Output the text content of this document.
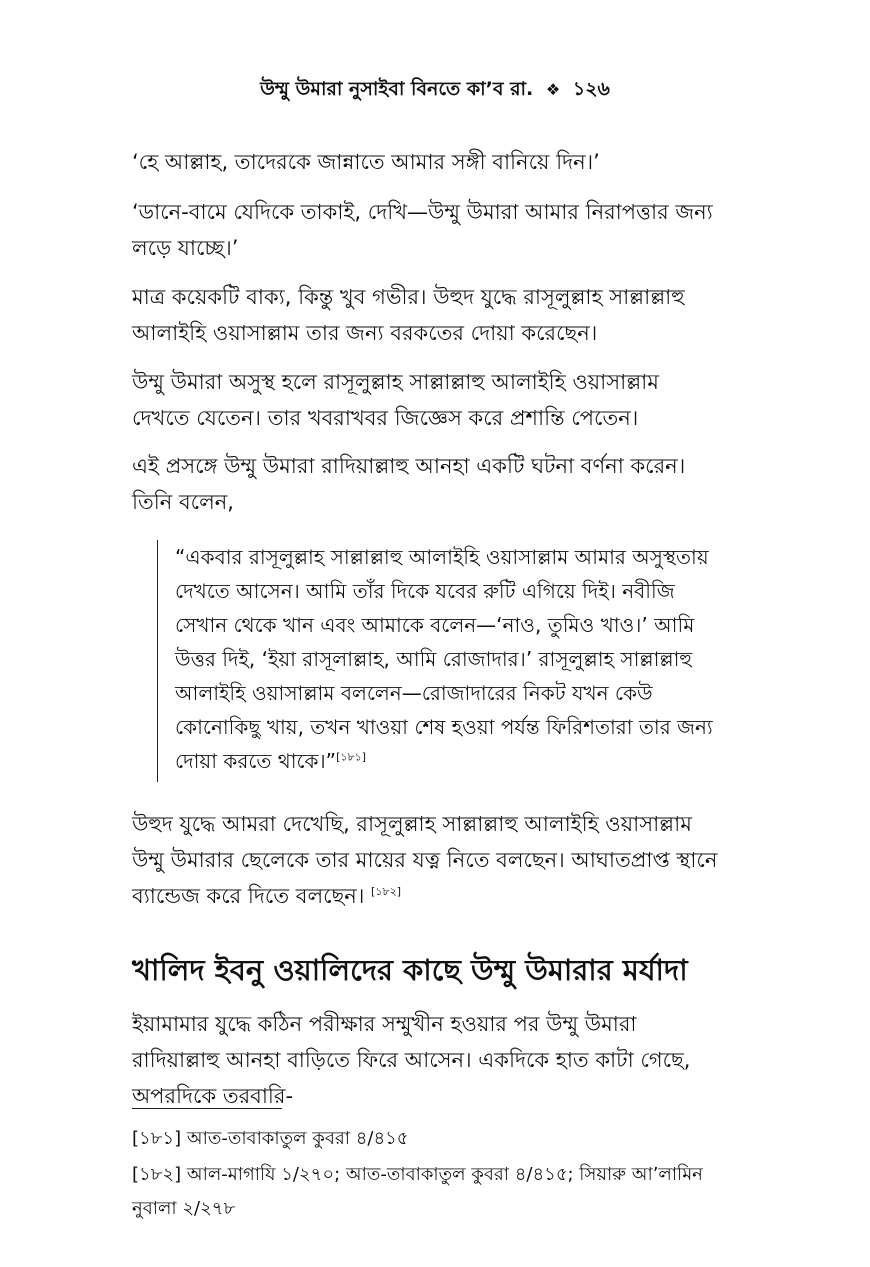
উম্মু উমারা নুসাইবা বিনতে কা’ব রা. ❖ ১২৬

‘হে আল্লাহ, তাদেরকে জান্নাতে আমার সঙ্গী বানিয়ে দিন।’

‘ডানে-বামে যেদিকে তাকাই, দেখি—উম্মু উমারা আমার নিরাপত্তার জন্য লড়ে যাচ্ছে।’

মাত্র কয়েকটি বাক্য, কিন্তু খুব গভীর। উহুদ যুদ্ধে রাসূলুল্লাহ সাল্লাল্লাহু আলাইহি ওয়াসাল্লাম তার জন্য বরকতের দোয়া করেছেন।

উম্মু উমারা অসুস্থ হলে রাসূলুল্লাহ সাল্লাল্লাহু আলাইহি ওয়াসাল্লাম দেখতে যেতেন। তার খবরাখবর জিজ্ঞেস করে প্রশান্তি পেতেন।

এই প্রসঙ্গে উম্মু উমারা রাদিয়াল্লাহু আনহা একটি ঘটনা বর্ণনা করেন। তিনি বলেন,

“একবার রাসূলুল্লাহ সাল্লাল্লাহু আলাইহি ওয়াসাল্লাম আমার অসুস্থতায় দেখতে আসেন। আমি তাঁর দিকে যবের রুটি এগিয়ে দিই। নবীজি সেখান থেকে খান এবং আমাকে বলেন—‘নাও, তুমিও খাও।’ আমি উত্তর দিই, ‘ইয়া রাসূলাল্লাহ, আমি রোজাদার।’ রাসূলুল্লাহ সাল্লাল্লাহু আলাইহি ওয়াসাল্লাম বললেন—রোজাদারের নিকট যখন কেউ কোনোকিছু খায়, তখন খাওয়া শেষ হওয়া পর্যন্ত ফিরিশতারা তার জন্য দোয়া করতে থাকে।”[১৮১]

উহুদ যুদ্ধে আমরা দেখেছি, রাসূলুল্লাহ সাল্লাল্লাহু আলাইহি ওয়াসাল্লাম উম্মু উমারার ছেলেকে তার মায়ের যত্ন নিতে বলছেন। আঘাতপ্রাপ্ত স্থানে ব্যান্ডেজ করে দিতে বলছেন। [১৮২]

খালিদ ইবনু ওয়ালিদের কাছে উম্মু উমারার মর্যাদা

ইয়ামামার যুদ্ধে কঠিন পরীক্ষার সম্মুখীন হওয়ার পর উম্মু উমারা রাদিয়াল্লাহু আনহা বাড়িতে ফিরে আসেন। একদিকে হাত কাটা গেছে, অপরদিকে তরবারি-

[১৮১] আত-তাবাকাতুল কুবরা ৪/৪১৫

[১৮২] আল-মাগাযি ১/২৭০; আত-তাবাকাতুল কুবরা ৪/৪১৫; সিয়ারু আ’লামিন নুবালা ২/২৭৮
